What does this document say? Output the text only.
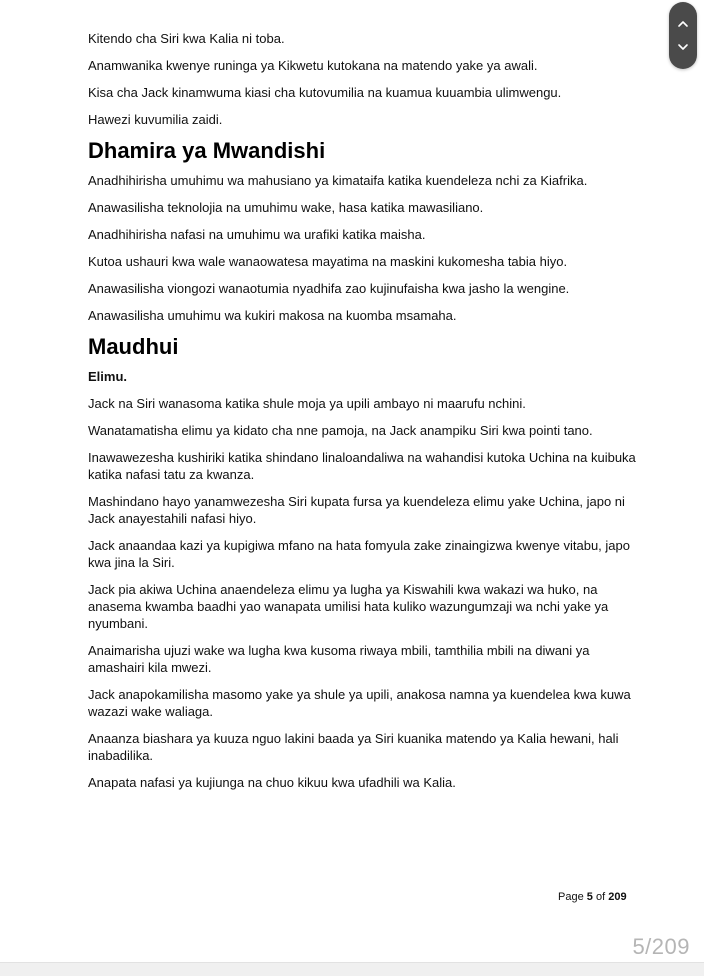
Kitendo cha Siri kwa Kalia ni toba.

Anamwanika kwenye runinga ya Kikwetu kutokana na matendo yake ya awali.

Kisa cha Jack kinamwuma kiasi cha kutovumilia na kuamua kuuambia ulimwengu.

Hawezi kuvumilia zaidi.

Dhamira ya Mwandishi

Anadhihirisha umuhimu wa mahusiano ya kimataifa katika kuendeleza nchi za Kiafrika.

Anawasilisha teknolojia na umuhimu wake, hasa katika mawasiliano.

Anadhihirisha nafasi na umuhimu wa urafiki katika maisha.

Kutoa ushauri kwa wale wanaowatesa mayatima na maskini kukomesha tabia hiyo.

Anawasilisha viongozi wanaotumia nyadhifa zao kujinufaisha kwa jasho la wengine.

Anawasilisha umuhimu wa kukiri makosa na kuomba msamaha.

Maudhui

Elimu.

Jack na Siri wanasoma katika shule moja ya upili ambayo ni maarufu nchini.

Wanatamatisha elimu ya kidato cha nne pamoja, na Jack anampiku Siri kwa pointi tano.

Inawawezesha kushiriki katika shindano linaloandaliwa na wahandisi kutoka Uchina na kuibuka katika nafasi tatu za kwanza.

Mashindano hayo yanamwezesha Siri kupata fursa ya kuendeleza elimu yake Uchina, japo ni Jack anayestahili nafasi hiyo.

Jack anaandaa kazi ya kupigiwa mfano na hata fomyula zake zinaingizwa kwenye vitabu, japo kwa jina la Siri.

Jack pia akiwa Uchina anaendeleza elimu ya lugha ya Kiswahili kwa wakazi wa huko, na anasema kwamba baadhi yao wanapata umilisi hata kuliko wazungumzaji wa nchi yake ya nyumbani.

Anaimarisha ujuzi wake wa lugha kwa kusoma riwaya mbili, tamthilia mbili na diwani ya amashairi kila mwezi.

Jack anapokamilisha masomo yake ya shule ya upili, anakosa namna ya kuendelea kwa kuwa wazazi wake waliaga.

Anaanza biashara ya kuuza nguo lakini baada ya Siri kuanika matendo ya Kalia hewani, hali inabadilika.

Anapata nafasi ya kujiunga na chuo kikuu kwa ufadhili wa Kalia.

Page 5 of 209
5/209
